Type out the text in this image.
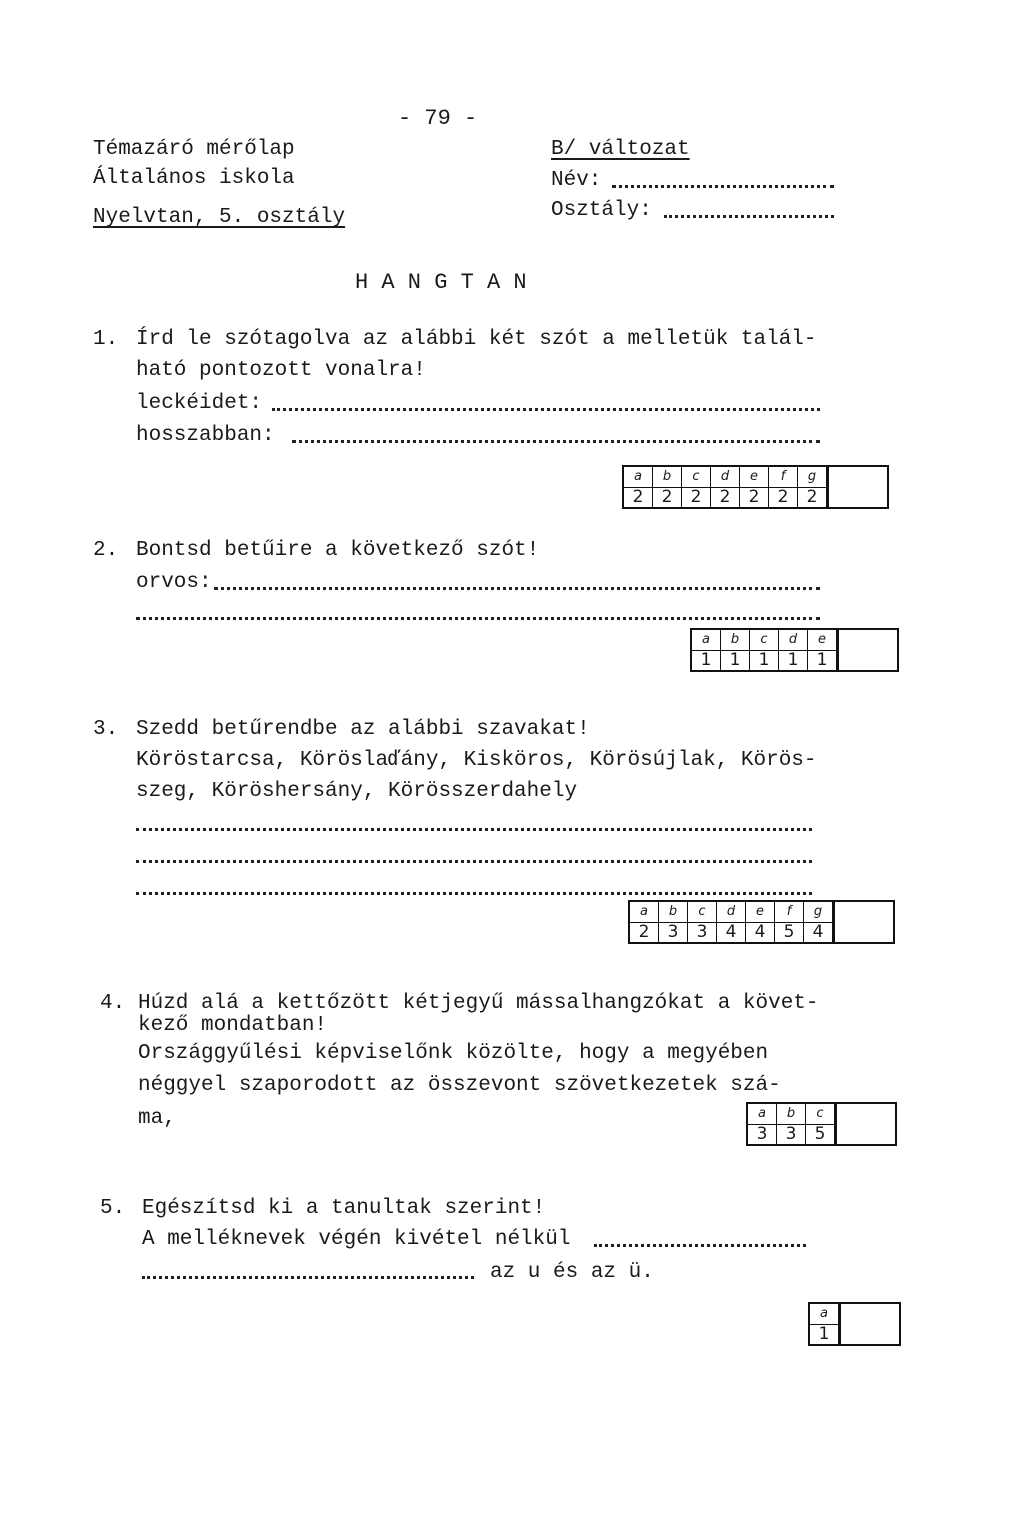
- 79 -
Témazáró mérőlap
Általános iskola
Nyelvtan, 5. osztály
B/ változat
Név:
Osztály:
H A N G T A N
1. Írd le szótagolva az alábbi két szót a melletük talál-
ható pontozott vonalra!
leckéidet:
hosszabban:
a
2
b
2
c
2
d
2
e
2
f
2
g
2
2. Bontsd betűire a következő szót!
orvos:
a
1
b
1
c
1
d
1
e
1
3. Szedd betűrendbe az alábbi szavakat!
Köröstarcsa, Köröslaďány, Kisköros, Körösújlak, Körös-
szeg, Köröshersány, Körösszerdahely
a
2
b
3
c
3
d
4
e
4
f
5
g
4
4. Húzd alá a kettőzött kétjegyű mássalhangzókat a követ-
kező mondatban!
Országgyűlési képviselőnk közölte, hogy a megyében
néggyel szaporodott az összevont szövetkezetek szá-
ma,	a
3
b
3
c
5
5. Egészítsd ki a tanultak szerint!
A melléknevek végén kivétel nélkül
az u és az ü.
a
1
